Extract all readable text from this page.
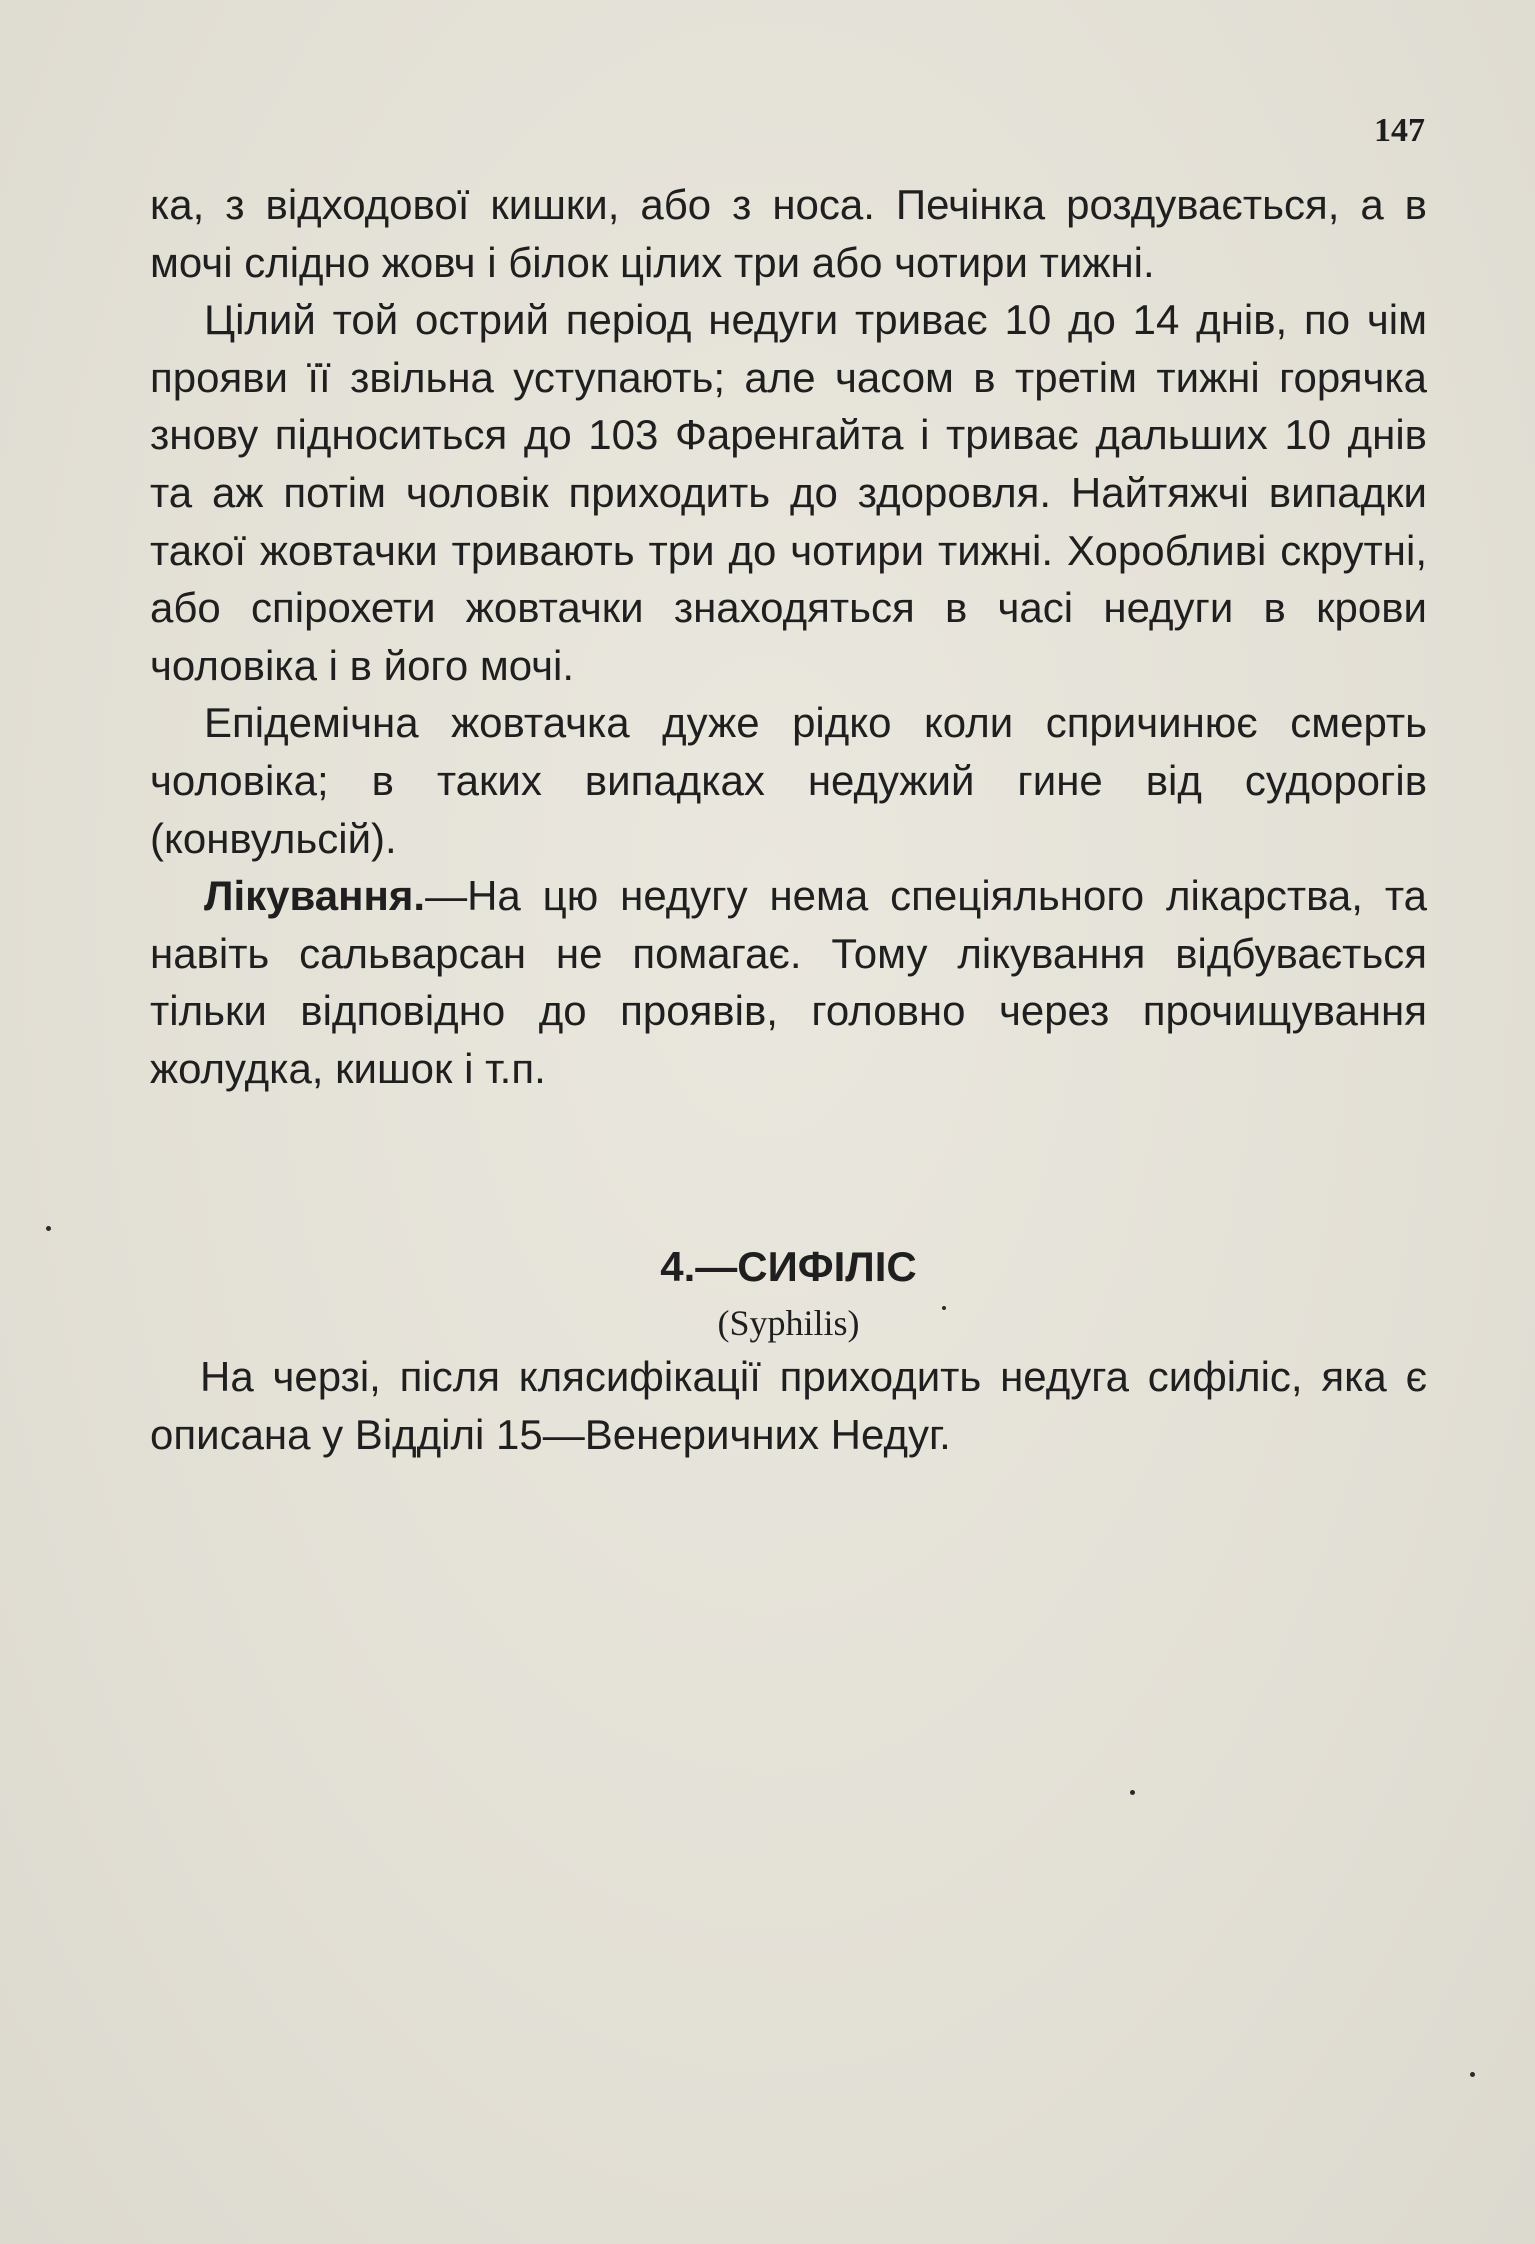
147

ка, з відходової кишки, або з носа. Печінка роздувається, а в мочі слідно жовч і білок цілих три або чотири тижні.

Цілий той острий період недуги триває 10 до 14 днів, по чім прояви її звільна уступають; але часом в третім тижні горячка знову підноситься до 103 Фаренгайта і триває дальших 10 днів та аж потім чоловік приходить до здоровля. Найтяжчі випадки такої жовтачки тривають три до чотири тижні. Хоробливі скрутні, або спірохети жовтачки знаходяться в часі недуги в крови чоловіка і в його мочі.

Епідемічна жовтачка дуже рідко коли спричинює смерть чоловіка; в таких випадках недужий гине від судорогів (конвульсій).

Лікування.—На цю недугу нема спеціяльного лікарства, та навіть сальварсан не помагає. Тому лікування відбувається тільки відповідно до проявів, головно через прочищування жолудка, кишок і т.п.

4.—СИФІЛІС
(Syphilis)

На черзі, після клясифікації приходить недуга сифіліс, яка є описана у Відділі 15—Венеричних Недуг.
